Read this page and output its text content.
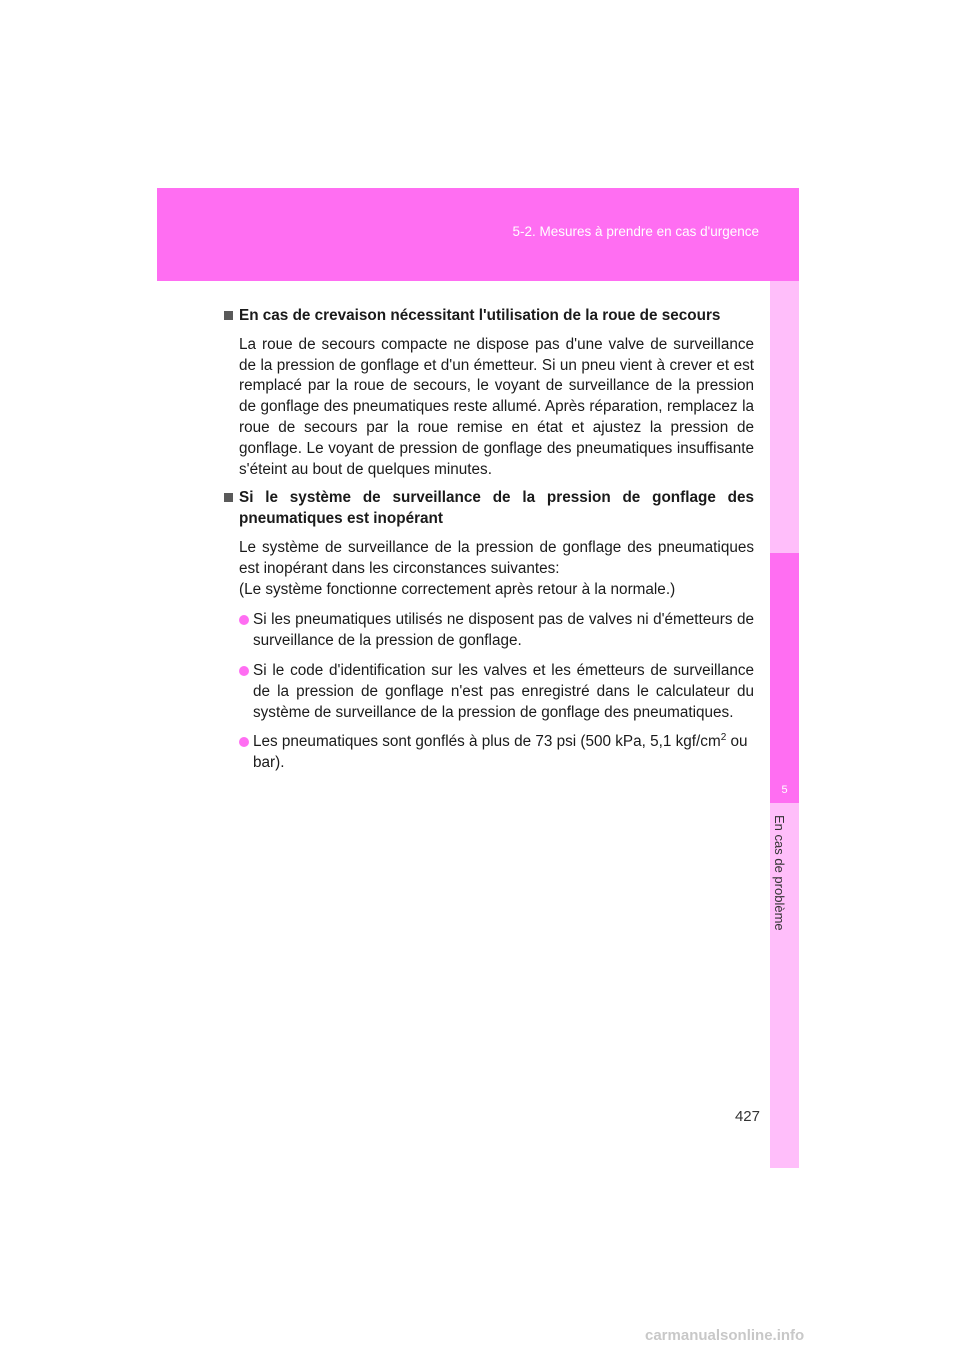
5-2. Mesures à prendre en cas d'urgence
5
En cas de problème
En cas de crevaison nécessitant l'utilisation de la roue de secours
La roue de secours compacte ne dispose pas d'une valve de surveillance de la pression de gonflage et d'un émetteur. Si un pneu vient à crever et est remplacé par la roue de secours, le voyant de surveillance de la pression de gonflage des pneumatiques reste allumé. Après réparation, remplacez la roue de secours par la roue remise en état et ajustez la pression de gonflage. Le voyant de pression de gonflage des pneumatiques insuffisante s'éteint au bout de quelques minutes.
Si le système de surveillance de la pression de gonflage des pneumatiques est inopérant
Le système de surveillance de la pression de gonflage des pneumatiques est inopérant dans les circonstances suivantes:
(Le système fonctionne correctement après retour à la normale.)
Si les pneumatiques utilisés ne disposent pas de valves ni d'émetteurs de surveillance de la pression de gonflage.
Si le code d'identification sur les valves et les émetteurs de surveillance de la pression de gonflage n'est pas enregistré dans le calculateur du système de surveillance de la pression de gonflage des pneumatiques.
Les pneumatiques sont gonflés à plus de 73 psi (500 kPa, 5,1 kgf/$cm^2$ ou bar).
427
carmanualsonline.info
